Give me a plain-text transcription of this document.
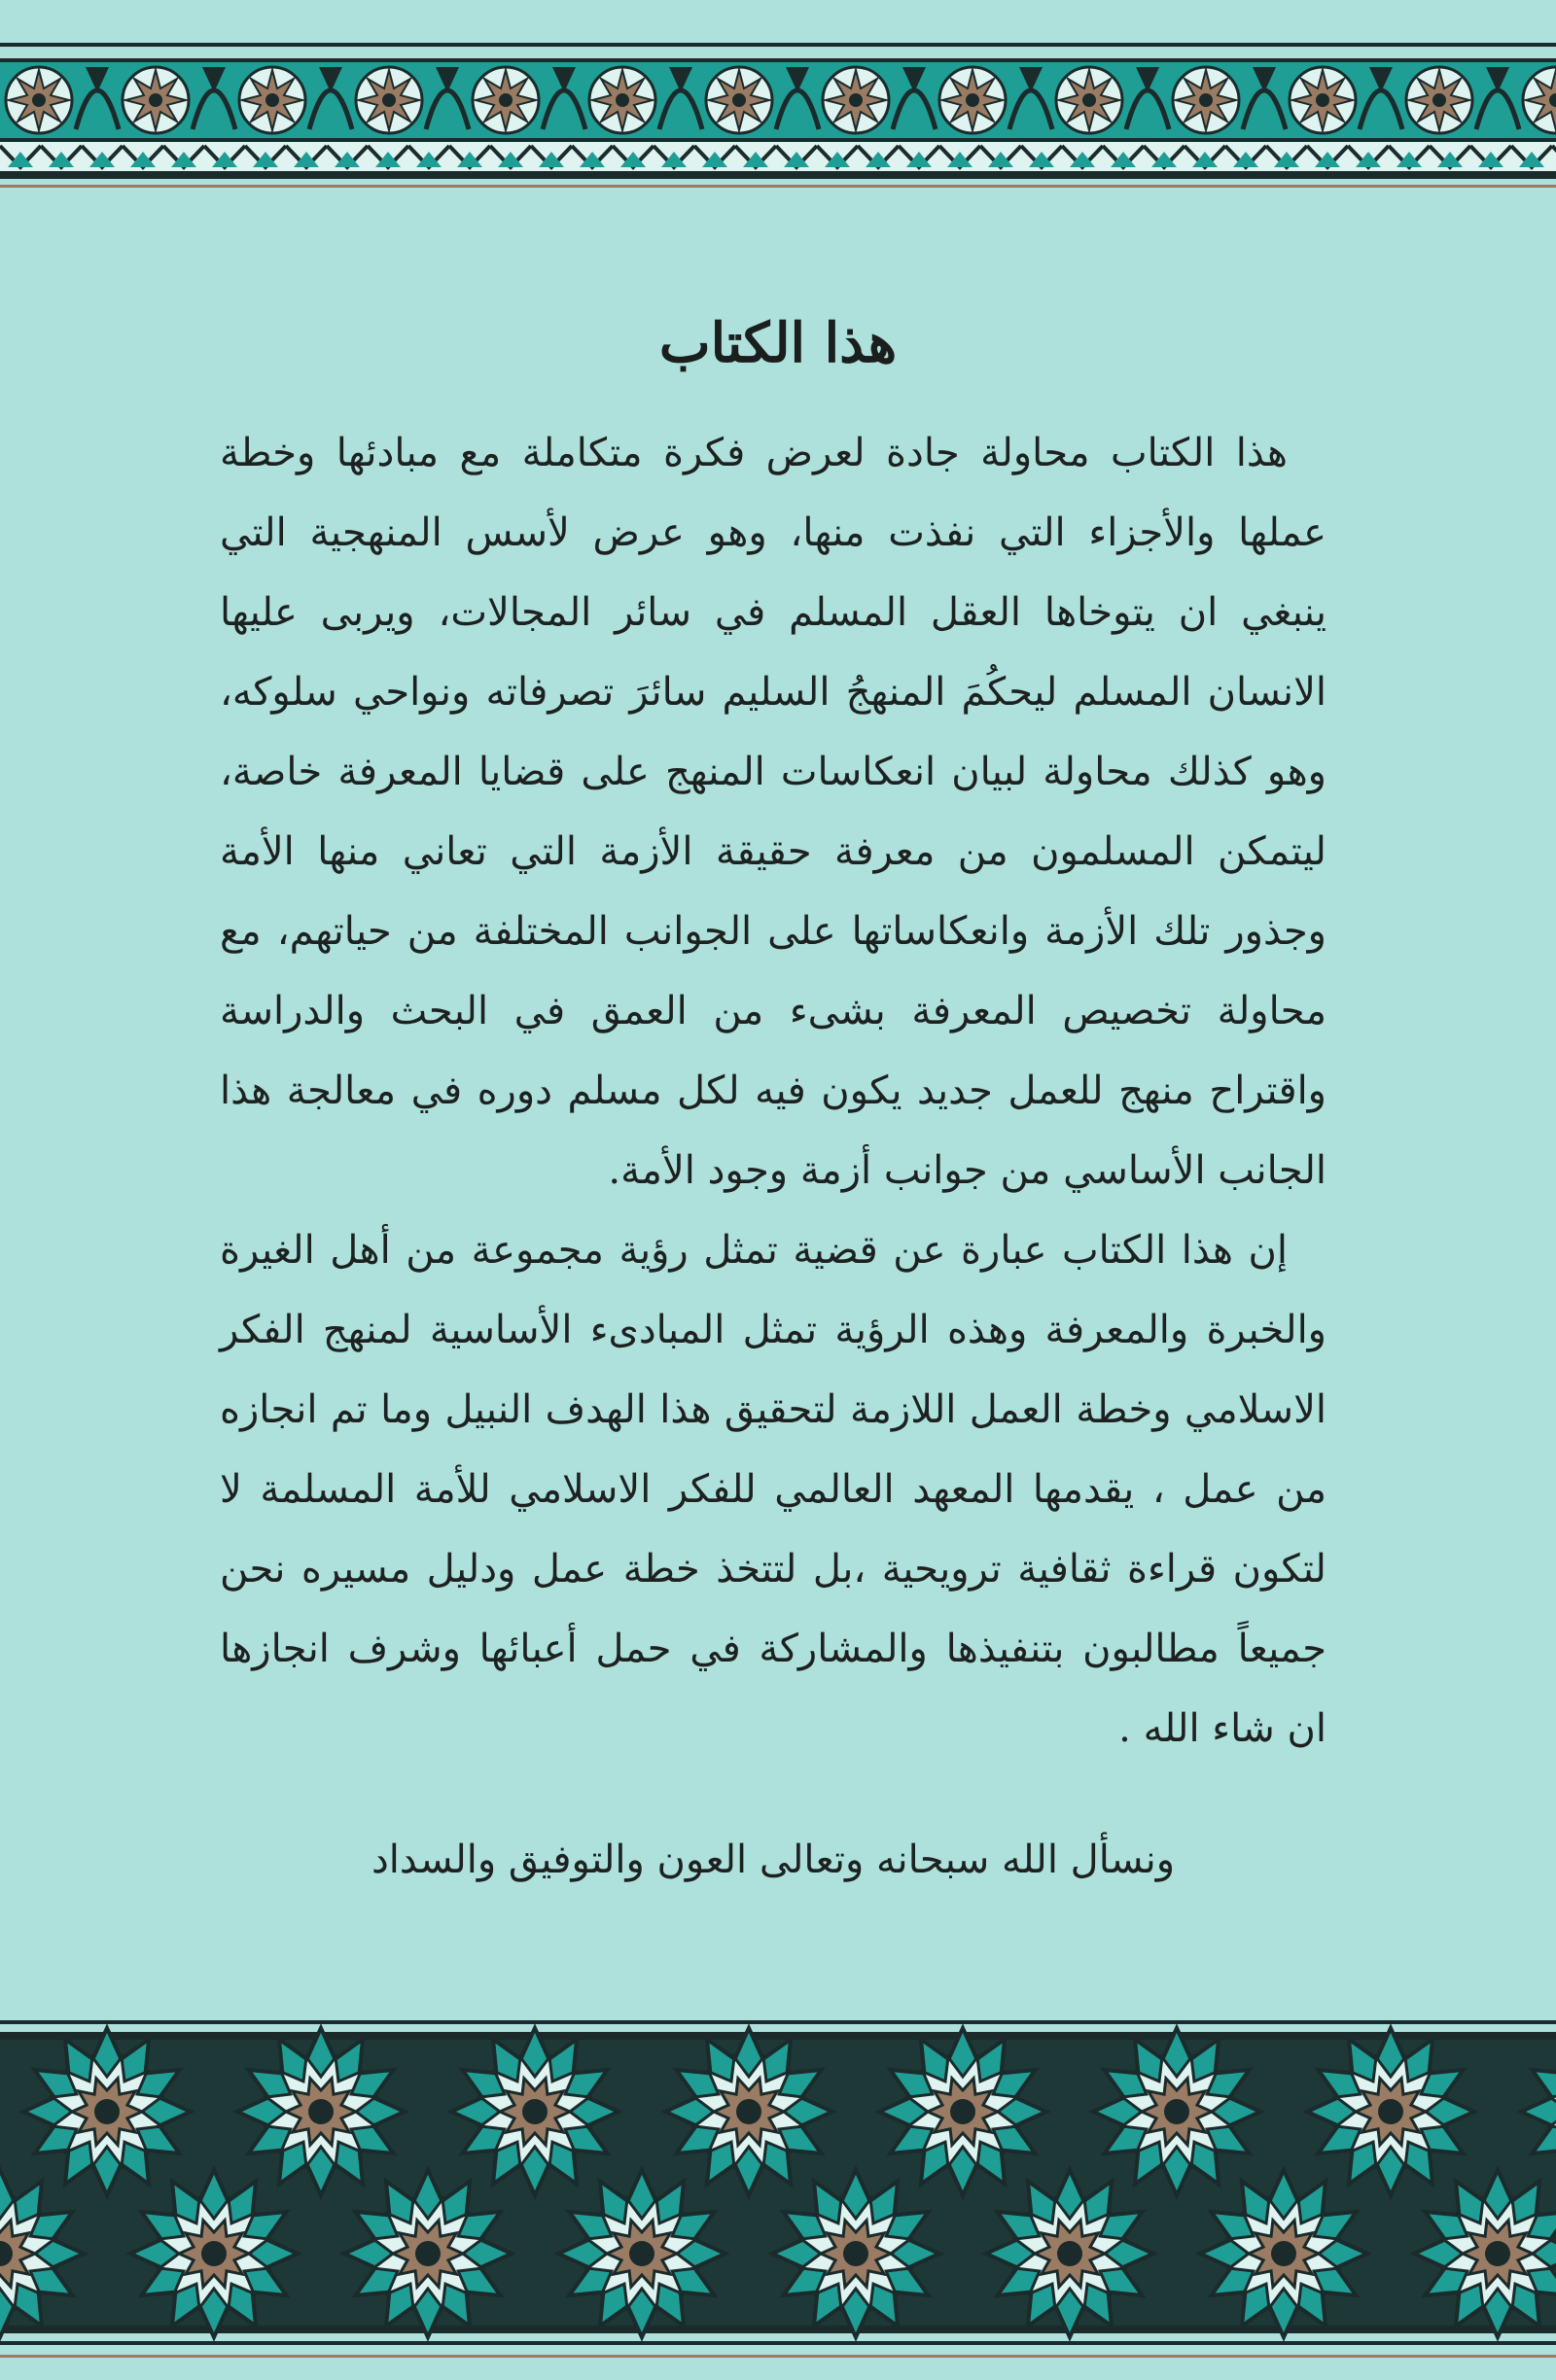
هذا الكتاب

هذا الكتاب محاولة جادة لعرض فكرة متكاملة مع مبادئها وخطة عملها والأجزاء التي نفذت منها، وهو عرض لأسس المنهجية التي ينبغي ان يتوخاها العقل المسلم في سائر المجالات، ويربى عليها الانسان المسلم ليحكُمَ المنهجُ السليم سائرَ تصرفاته ونواحي سلوكه، وهو كذلك محاولة لبيان انعكاسات المنهج على قضايا المعرفة خاصة، ليتمكن المسلمون من معرفة حقيقة الأزمة التي تعاني منها الأمة وجذور تلك الأزمة وانعكاساتها على الجوانب المختلفة من حياتهم، مع محاولة تخصيص المعرفة بشىء من العمق في البحث والدراسة واقتراح منهج للعمل جديد يكون فيه لكل مسلم دوره في معالجة هذا الجانب الأساسي من جوانب أزمة وجود الأمة.

إن هذا الكتاب عبارة عن قضية تمثل رؤية مجموعة من أهل الغيرة والخبرة والمعرفة وهذه الرؤية تمثل المبادىء الأساسية لمنهج الفكر الاسلامي وخطة العمل اللازمة لتحقيق هذا الهدف النبيل وما تم انجازه من عمل ، يقدمها المعهد العالمي للفكر الاسلامي للأمة المسلمة لا لتكون قراءة ثقافية ترويحية ،بل لتتخذ خطة عمل ودليل مسيره نحن جميعاً مطالبون بتنفيذها والمشاركة في حمل أعبائها وشرف انجازها ان شاء الله .

ونسأل الله سبحانه وتعالى العون والتوفيق والسداد
